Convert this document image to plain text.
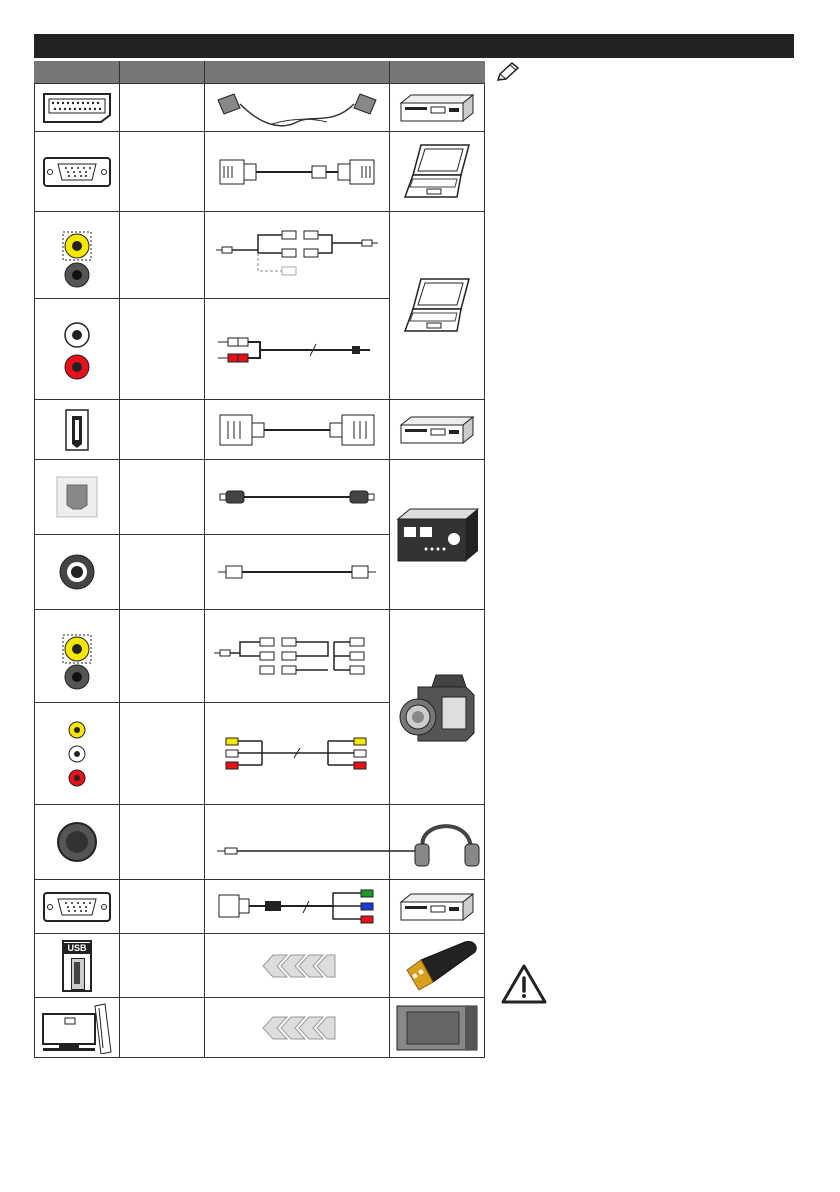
USB
